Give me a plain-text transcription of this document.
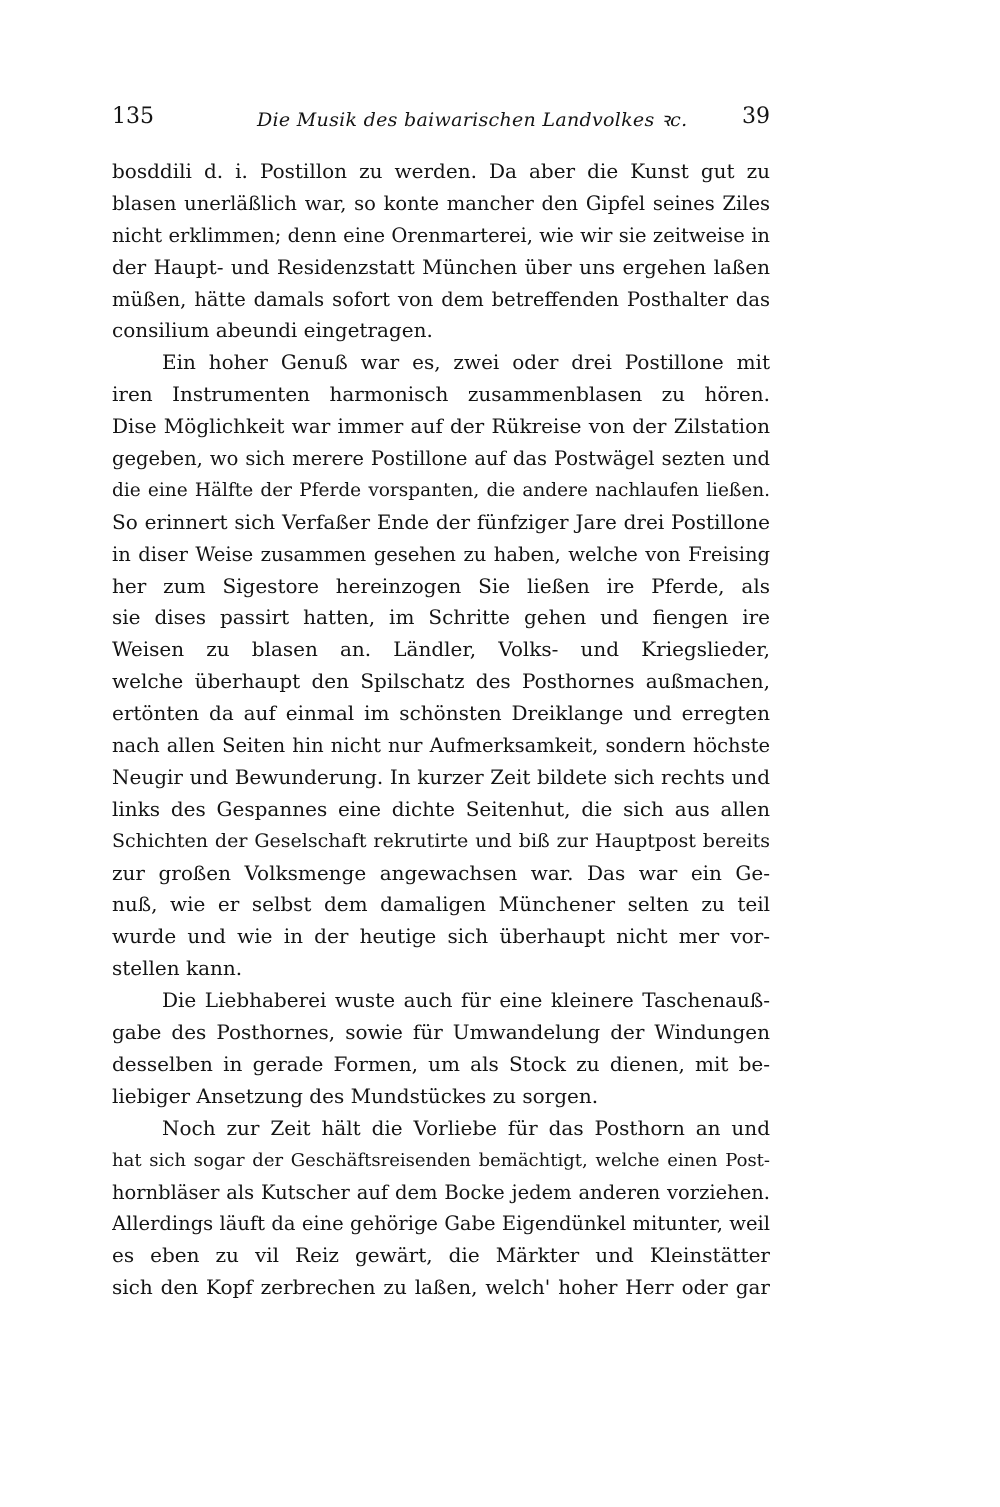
135	Die Musik des baiwarischen Landvolkes ꝛc. 39
bosddili d. i. Postillon zu werden. Da aber die Kunst gut zu
blasen unerläßlich war, so konte mancher den Gipfel seines Ziles
nicht erklimmen; denn eine Orenmarterei, wie wir sie zeitweise in
der Haupt- und Residenzstatt München über uns ergehen laßen
müßen, hätte damals sofort von dem betreffenden Posthalter das
consilium abeundi eingetragen.
Ein hoher Genuß war es, zwei oder drei Postillone mit
iren Instrumenten harmonisch zusammenblasen zu hören.
Dise Möglichkeit war immer auf der Rükreise von der Zilstation
gegeben, wo sich merere Postillone auf das Postwägel sezten und
die eine Hälfte der Pferde vorspanten, die andere nachlaufen ließen.
So erinnert sich Verfaßer Ende der fünfziger Jare drei Postillone
in diser Weise zusammen gesehen zu haben, welche von Freising
her zum Sigestore hereinzogen Sie ließen ire Pferde, als
sie dises passirt hatten, im Schritte gehen und fiengen ire
Weisen zu blasen an. Ländler, Volks- und Kriegslieder,
welche überhaupt den Spilschatz des Posthornes außmachen,
ertönten da auf einmal im schönsten Dreiklange und erregten
nach allen Seiten hin nicht nur Aufmerksamkeit, sondern höchste
Neugir und Bewunderung. In kurzer Zeit bildete sich rechts und
links des Gespannes eine dichte Seitenhut, die sich aus allen
Schichten der Geselschaft rekrutirte und biß zur Hauptpost bereits
zur großen Volksmenge angewachsen war. Das war ein Ge-
nuß, wie er selbst dem damaligen Münchener selten zu teil
wurde und wie in der heutige sich überhaupt nicht mer vor-
stellen kann.
Die Liebhaberei wuste auch für eine kleinere Taschenauß-
gabe des Posthornes, sowie für Umwandelung der Windungen
desselben in gerade Formen, um als Stock zu dienen, mit be-
liebiger Ansetzung des Mundstückes zu sorgen.
Noch zur Zeit hält die Vorliebe für das Posthorn an und
hat sich sogar der Geschäftsreisenden bemächtigt, welche einen Post-
hornbläser als Kutscher auf dem Bocke jedem anderen vorziehen.
Allerdings läuft da eine gehörige Gabe Eigendünkel mitunter, weil
es eben zu vil Reiz gewärt, die Märkter und Kleinstätter
sich den Kopf zerbrechen zu laßen, welch' hoher Herr oder gar
